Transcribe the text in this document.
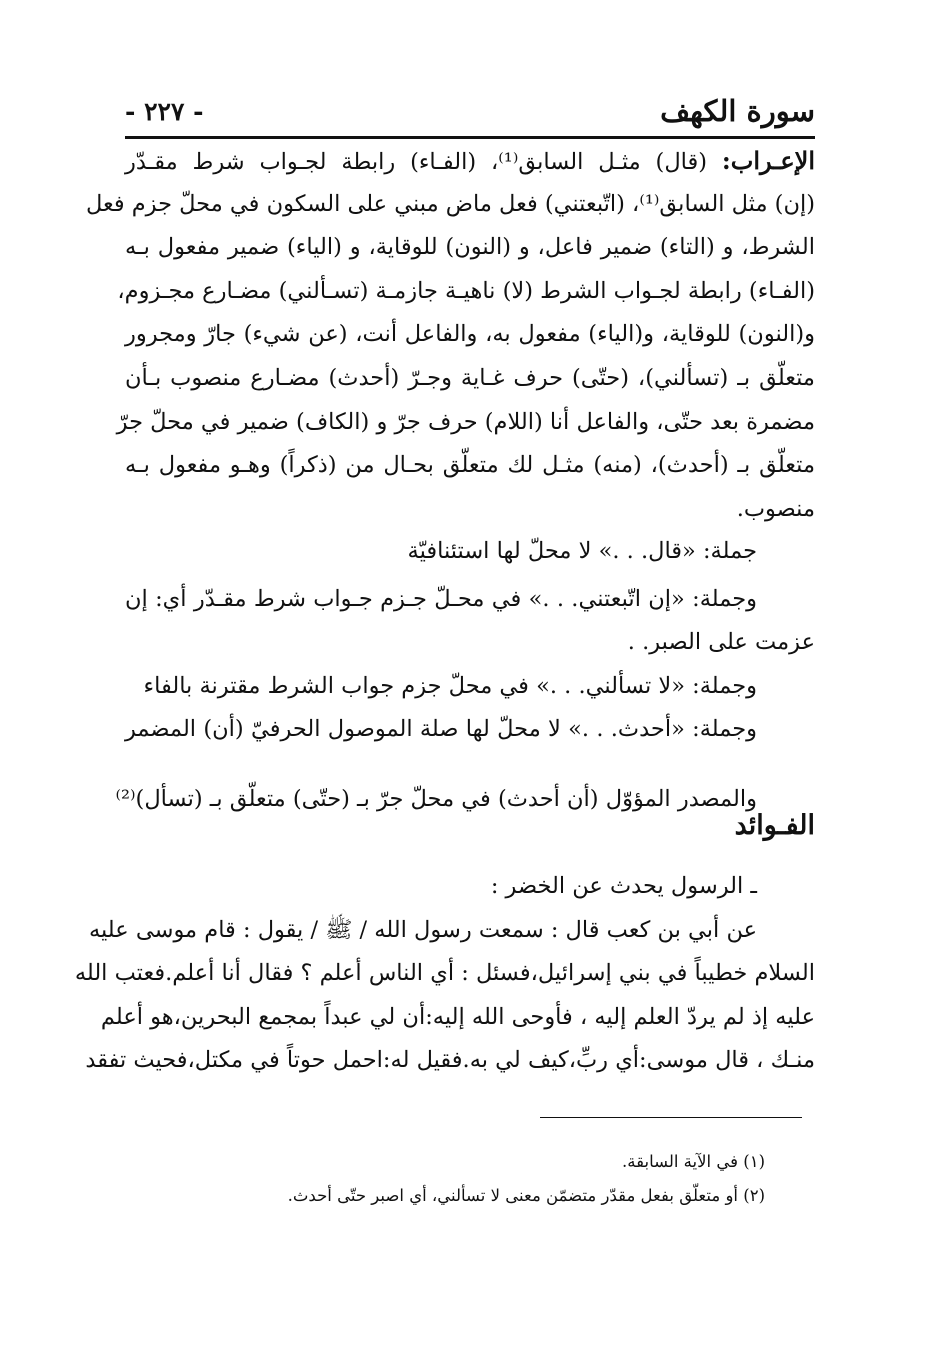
سورة الكهف
- ٢٢٧ -
الإعـراب: (قال) مثـل السابق⁽¹⁾، (الفـاء) رابطة لجـواب شرط مقـدّر
(إن) مثل السابق⁽¹⁾، (اتّبعتني) فعل ماض مبني على السكون في محلّ جزم فعل
الشرط، و (التاء) ضمير فاعل، و (النون) للوقاية، و (الياء) ضمير مفعول بـه
(الفـاء) رابطة لجـواب الشرط (لا) ناهيـة جازمـة (تسـألني) مضـارع مجـزوم،
و(النون) للوقاية، و(الياء) مفعول به، والفاعل أنت، (عن شيء) جارّ ومجرور
متعلّق بـ (تسألني)، (حتّى) حرف غـاية وجـرّ (أحدث) مضـارع منصوب بـأن
مضمرة بعد حتّى، والفاعل أنا (اللام) حرف جرّ و (الكاف) ضمير في محلّ جرّ
متعلّق بـ (أحدث)، (منه) مثـل لك متعلّق بحـال من (ذكراً) وهـو مفعول بـه
منصوب.
جملة: «قال. . .» لا محلّ لها استئنافيّة
وجملة: «إن اتّبعتني. . .» في محـلّ جـزم جـواب شرط مقـدّر أي: إن
عزمت على الصبر. .
وجملة: «لا تسألني. . .» في محلّ جزم جواب الشرط مقترنة بالفاء
وجملة: «أحدث. . .» لا محلّ لها صلة الموصول الحرفيّ (أن) المضمر
والمصدر المؤوّل (أن أحدث) في محلّ جرّ بـ (حتّى) متعلّق بـ (تسأل)⁽²⁾
الفـوائد
ـ الرسول يحدث عن الخضر :
عن أبي بن كعب قال : سمعت رسول الله / ﷺ / يقول : قام موسى عليه
السلام خطيباً في بني إسرائيل،فسئل : أي الناس أعلم ؟ فقال أنا أعلم.فعتب الله
عليه إذ لم يردّ العلم إليه ، فأوحى الله إليه:أن لي عبداً بمجمع البحرين،هو أعلم
منـك ، قال موسى:أي ربِّ،كيف لي به.فقيل له:احمل حوتاً في مكتل،فحيث تفقد
(١) في الآية السابقة.
(٢) أو متعلّق بفعل مقدّر متضمّن معنى لا تسألني، أي اصبر حتّى أحدث.
